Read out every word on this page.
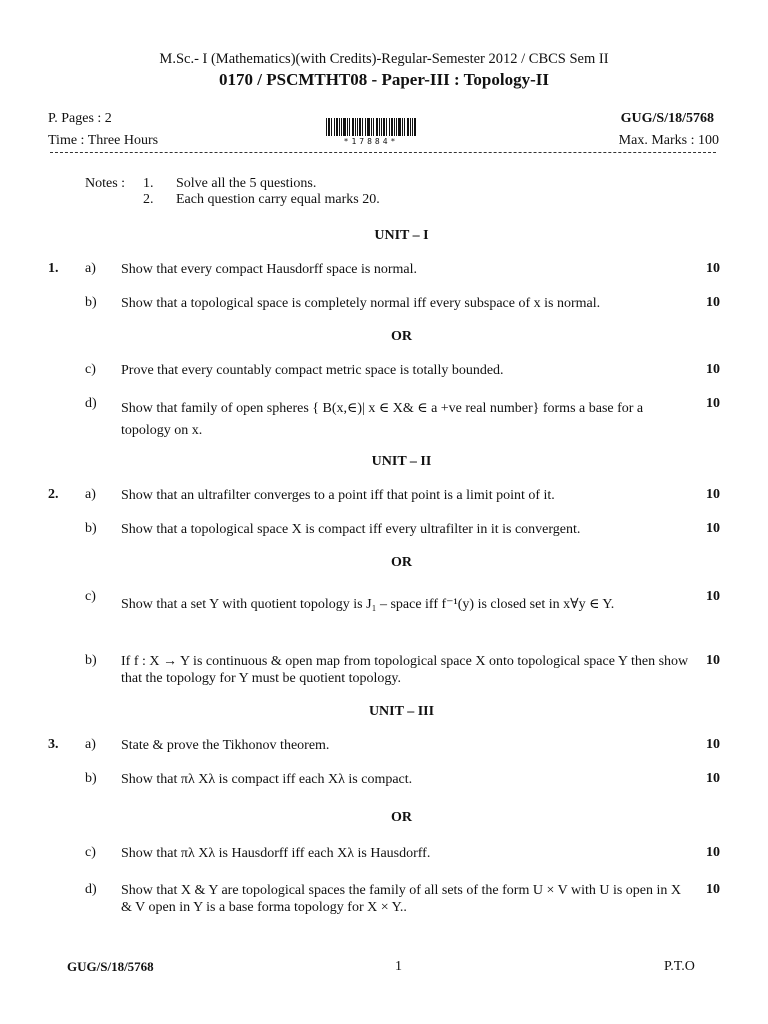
M.Sc.- I (Mathematics)(with Credits)-Regular-Semester 2012 / CBCS Sem II
0170 / PSCMTHT08 - Paper-III : Topology-II
P. Pages : 2
Time : Three Hours
GUG/S/18/5768
Max. Marks : 100
*17884*
Notes : 1. Solve all the 5 questions.
2. Each question carry equal marks 20.
UNIT – I
1. a) Show that every compact Hausdorff space is normal.	10
b) Show that a topological space is completely normal iff every subspace of x is normal.	10
OR
c) Prove that every countably compact metric space is totally bounded.	10
d) Show that family of open spheres { B(x,∈)| x ∈ X& ∈ a +ve real number} forms a base for a topology on x.
10
UNIT – II
2. a) Show that an ultrafilter converges to a point iff that point is a limit point of it.	10
b) Show that a topological space X is compact iff every ultrafilter in it is convergent.	10
OR
c)
Show that a set Y with quotient topology is J₁ – space iff f⁻¹(y) is closed set in x∀y ∈ Y.
10
b) If f : X → Y is continuous & open map from topological space X onto topological space Y then show that the topology for Y must be quotient topology.
10
UNIT – III
3. a) State & prove the Tikhonov theorem.	10
b) Show that πλ Xλ is compact iff each Xλ is compact.	10
OR
c) Show that πλ Xλ is Hausdorff iff each Xλ is Hausdorff.	10
d) Show that X & Y are topological spaces the family of all sets of the form U × V with U is open in X & V open in Y is a base forma topology for X × Y..
10
GUG/S/18/5768	1	P.T.O
